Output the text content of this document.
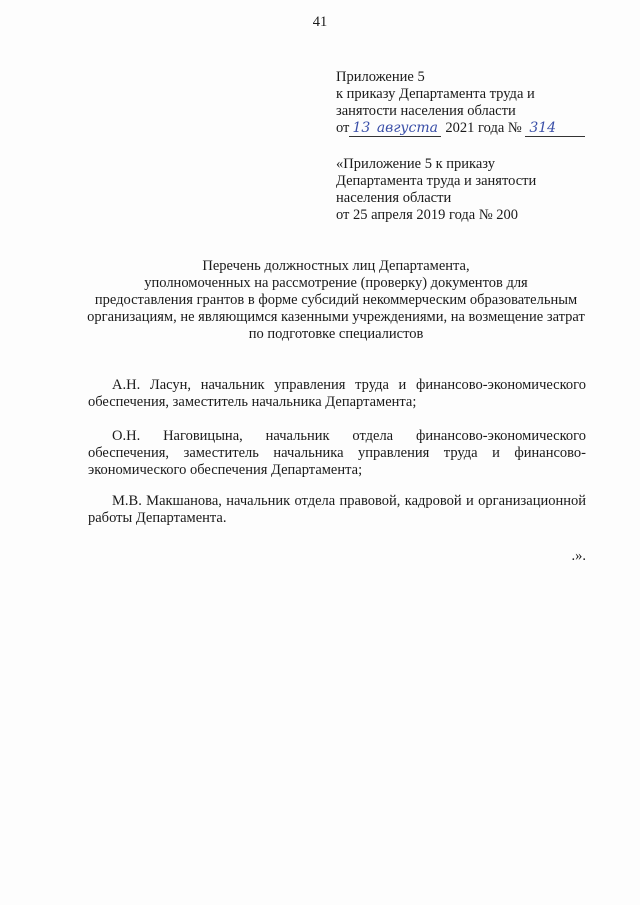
41
Приложение 5
к приказу Департамента труда и
занятости населения области
от 13 августа 2021 года № 314
«Приложение 5 к приказу
Департамента труда и занятости
населения области
от 25 апреля 2019 года № 200
Перечень должностных лиц Департамента,
уполномоченных на рассмотрение (проверку) документов для
предоставления грантов в форме субсидий некоммерческим образовательным
организациям, не являющимся казенными учреждениями, на возмещение затрат
по подготовке специалистов
А.Н. Ласун, начальник управления труда и финансово-экономического обеспечения, заместитель начальника Департамента;
О.Н. Наговицына, начальник отдела финансово-экономического обеспечения, заместитель начальника управления труда и финансово-экономического обеспечения Департамента;
М.В. Макшанова, начальник отдела правовой, кадровой и организационной работы Департамента.
.».
